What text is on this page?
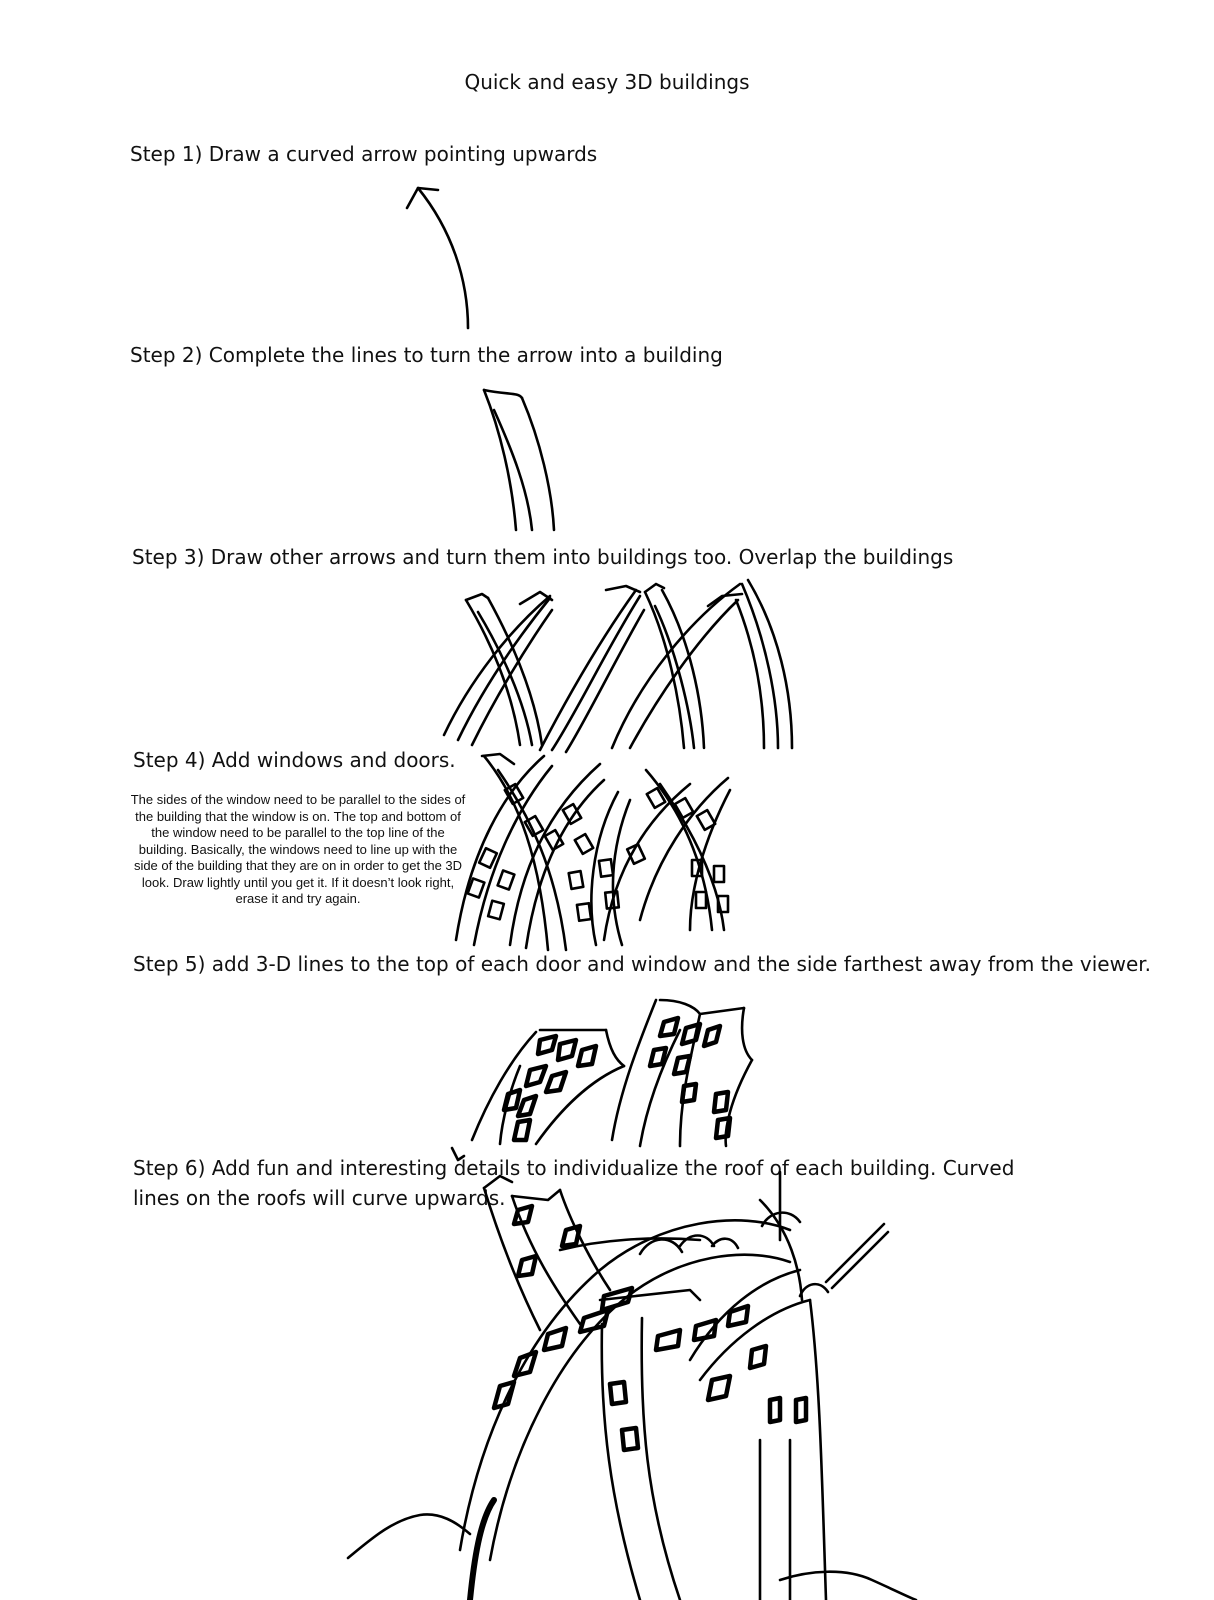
Quick and easy 3D buildings
Step 1) Draw a curved arrow pointing upwards
Step 2) Complete the lines to turn the arrow into a building
Step 3) Draw other arrows and turn them into buildings too. Overlap the buildings
Step 4) Add windows and doors.
The sides of the window need to be parallel to the sides of the building that the window is on. The top and bottom of the window need to be parallel to the top line of the building. Basically, the windows need to line up with the side of the building that they are on in order to get the 3D look. Draw lightly until you get it. If it doesn’t look right, erase it and try again.
Step 5) add 3-D lines to the top of each door and window and the side farthest away from the viewer.
Step 6) Add fun and interesting details to individualize the roof of each building. Curved lines on the roofs will curve upwards.
